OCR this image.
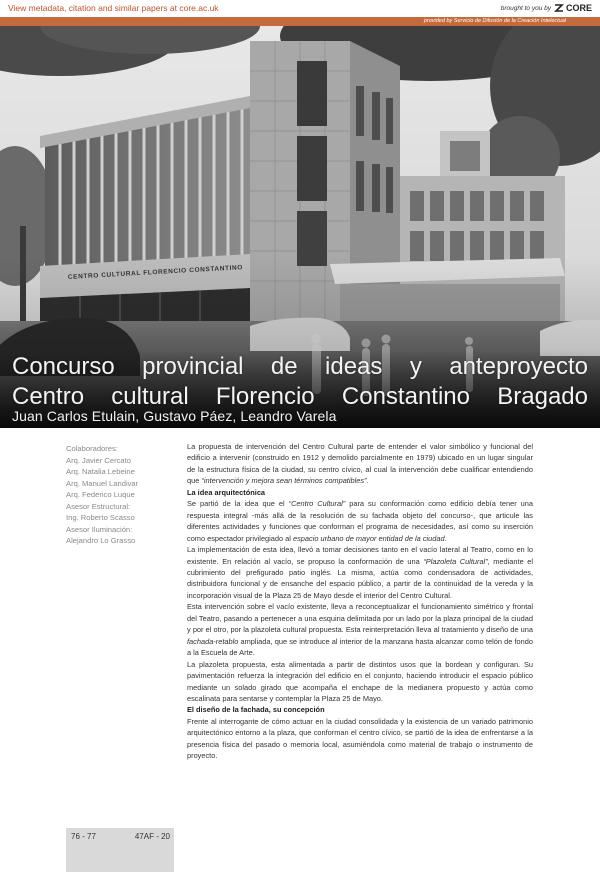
View metadata, citation and similar papers at core.ac.uk	brought to you by CORE
provided by Servicio de Difusión de la Creación Intelectual
Concurso provincial de ideas y anteproyecto
Centro cultural Florencio Constantino Bragado
Juan Carlos Etulain, Gustavo Páez, Leandro Varela
Colaboradores:
Arq. Javier Cercato
Arq. Natalia Lebeine
Arq. Manuel Landivar
Arq. Federico Luque
Asesor Estructural:
Ing. Roberto Scasso
Asesor Iluminación:
Alejandro Lo Grasso

La propuesta de intervención del Centro Cultural parte de entender el valor simbólico y funcional del edificio a intervenir (construido en 1912 y demolido parcialmente en 1979) ubicado en un lugar singular de la estructura física de la ciudad, su centro cívico, al cual la intervención debe cualificar entendiendo que “intervención y mejora sean términos compatibles”.

La idea arquitectónica

Se partió de la idea que el “Centro Cultural” para su conformación como edificio debía tener una respuesta integral -más allá de la resolución de su fachada objeto del concurso-, que articule las diferentes actividades y funciones que conforman el programa de necesidades, así como su inserción como espectador privilegiado al espacio urbano de mayor entidad de la ciudad.

La implementación de esta idea, llevó a tomar decisiones tanto en el vacío lateral al Teatro, como en lo existente. En relación al vacío, se propuso la conformación de una “Plazoleta Cultural”, mediante el cubrimiento del prefigurado patio inglés. La misma, actúa como condensadora de actividades, distribuidora funcional y de ensanche del espacio público, a partir de la continuidad de la vereda y la incorporación visual de la Plaza 25 de Mayo desde el interior del Centro Cultural.

Esta intervención sobre el vacío existente, lleva a reconceptualizar el funcionamiento simétrico y frontal del Teatro, pasando a pertenecer a una esquina delimitada por un lado por la plaza principal de la ciudad y por el otro, por la plazoleta cultural propuesta. Esta reinterpretación lleva al tratamiento y diseño de una fachada-retablo ampliada, que se introduce al interior de la manzana hasta alcanzar como telón de fondo a la Escuela de Arte.

La plazoleta propuesta, esta alimentada a partir de distintos usos que la bordean y configuran. Su pavimentación refuerza la integración del edificio en el conjunto, haciendo introducir el espacio público mediante un solado girado que acompaña el enchape de la medianera propuesto y actúa como escalinata para sentarse y contemplar la Plaza 25 de Mayo.

El diseño de la fachada, su concepción

Frente al interrogante de cómo actuar en la ciudad consolidada y la existencia de un variado patrimonio arquitectónico entorno a la plaza, que conforman el centro cívico, se partió de la idea de enfrentarse a la presencia física del pasado o memoria local, asumiéndola como material de trabajo o instrumento de proyecto.

76 - 77	47AF - 20
